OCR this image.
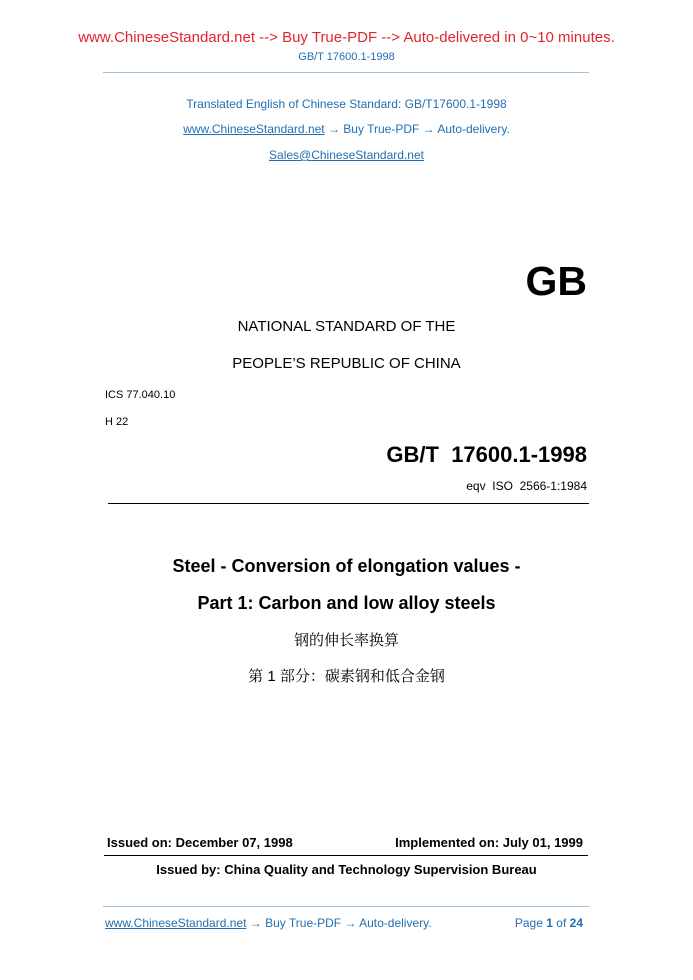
www.ChineseStandard.net --> Buy True-PDF --> Auto-delivered in 0~10 minutes.
GB/T 17600.1-1998
Translated English of Chinese Standard: GB/T17600.1-1998
www.ChineseStandard.net → Buy True-PDF → Auto-delivery.
Sales@ChineseStandard.net
GB
NATIONAL STANDARD OF THE
PEOPLE’S REPUBLIC OF CHINA
ICS 77.040.10
H 22
GB/T  17600.1-1998
eqv  ISO  2566-1:1984
Steel - Conversion of elongation values -
Part 1: Carbon and low alloy steels
钢的伸长率换算
第 1 部分：碳素钢和低合金钢
Issued on: December 07, 1998	Implemented on: July 01, 1999
Issued by: China Quality and Technology Supervision Bureau
www.ChineseStandard.net → Buy True-PDF → Auto-delivery.	Page 1 of 24
